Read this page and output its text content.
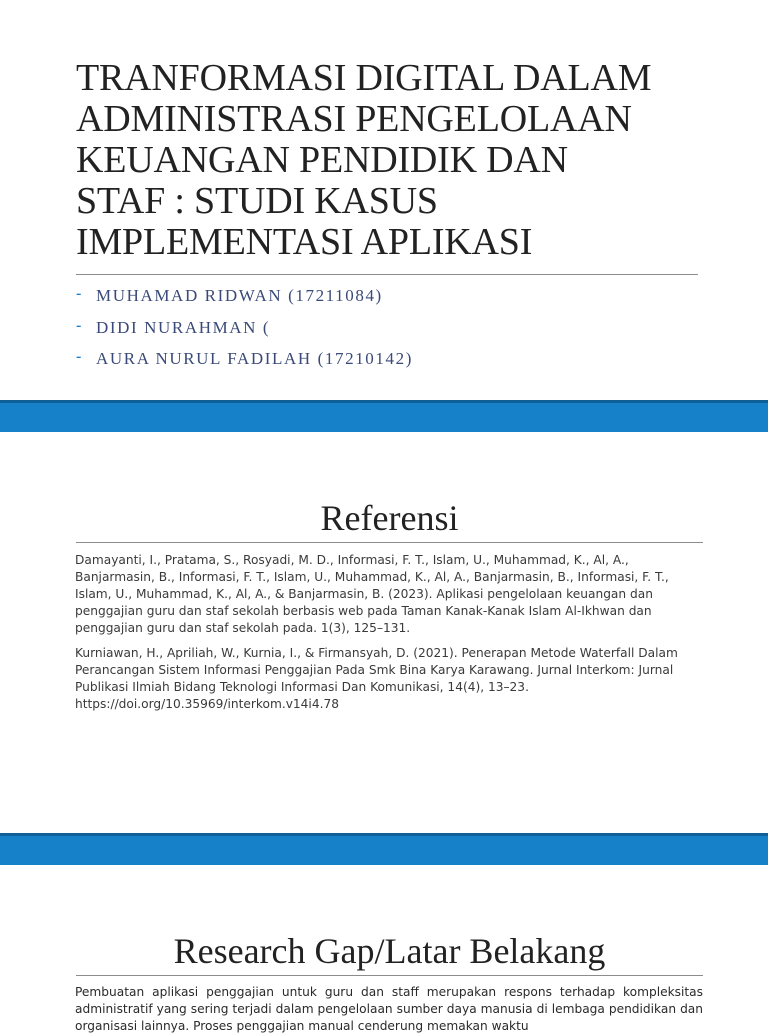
TRANFORMASI DIGITAL DALAM
ADMINISTRASI PENGELOLAAN
KEUANGAN PENDIDIK DAN
STAF : STUDI KASUS
IMPLEMENTASI APLIKASI
- MUHAMAD RIDWAN (17211084)
- DIDI NURAHMAN (
- AURA NURUL FADILAH (17210142)
Referensi

Damayanti, I., Pratama, S., Rosyadi, M. D., Informasi, F. T., Islam, U., Muhammad, K., Al, A., Banjarmasin, B., Informasi, F. T., Islam, U., Muhammad, K., Al, A., Banjarmasin, B., Informasi, F. T., Islam, U., Muhammad, K., Al, A., & Banjarmasin, B. (2023). Aplikasi pengelolaan keuangan dan penggajian guru dan staf sekolah berbasis web pada Taman Kanak-Kanak Islam Al-Ikhwan dan penggajian guru dan staf sekolah pada. 1(3), 125–131.

Kurniawan, H., Apriliah, W., Kurnia, I., & Firmansyah, D. (2021). Penerapan Metode Waterfall Dalam Perancangan Sistem Informasi Penggajian Pada Smk Bina Karya Karawang. Jurnal Interkom: Jurnal Publikasi Ilmiah Bidang Teknologi Informasi Dan Komunikasi, 14(4), 13–23. https://doi.org/10.35969/interkom.v14i4.78

Research Gap/Latar Belakang
Pembuatan aplikasi penggajian untuk guru dan staff merupakan respons terhadap kompleksitas administratif yang sering terjadi dalam pengelolaan sumber daya manusia di lembaga pendidikan dan organisasi lainnya. Proses penggajian manual cenderung memakan waktu
